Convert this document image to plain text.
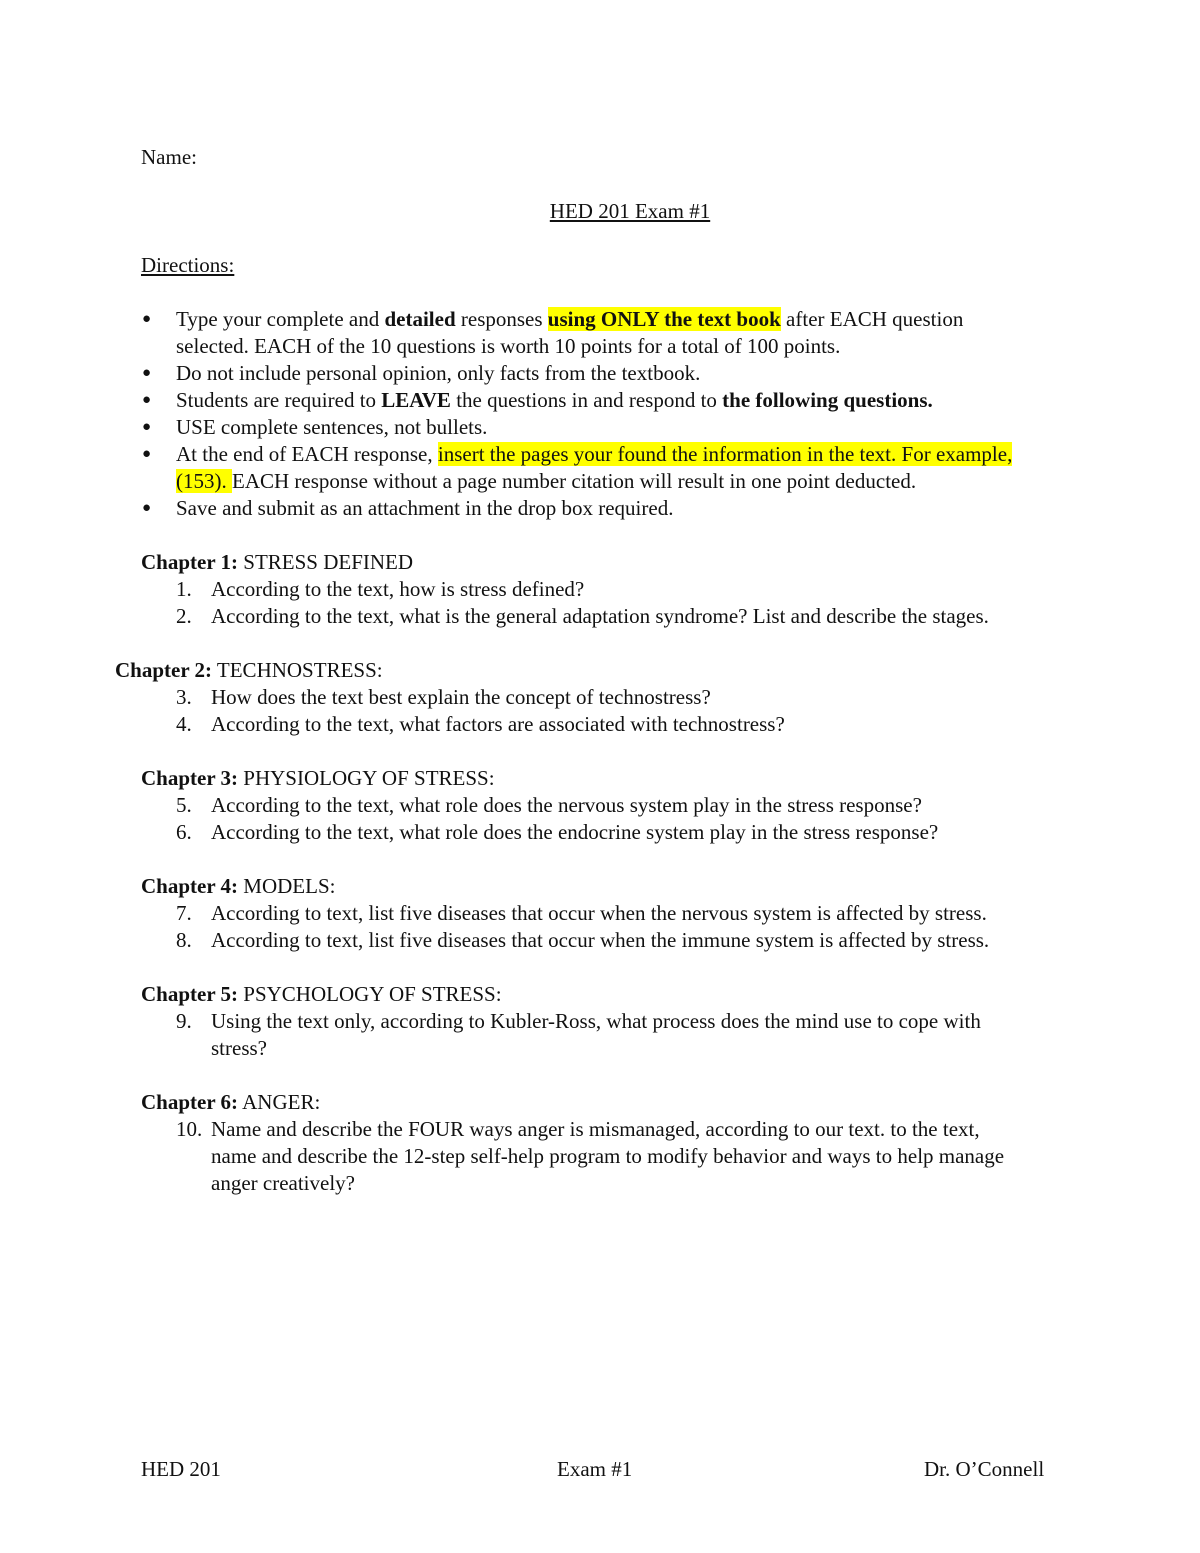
Name:
HED 201 Exam #1
Directions:
● Type your complete and detailed responses using ONLY the text book after EACH question
selected. EACH of the 10 questions is worth 10 points for a total of 100 points.
● Do not include personal opinion, only facts from the textbook.
● Students are required to LEAVE the questions in and respond to the following questions.
● USE complete sentences, not bullets.
● At the end of EACH response, insert the pages your found the information in the text. For example,
(153). EACH response without a page number citation will result in one point deducted.
● Save and submit as an attachment in the drop box required.
Chapter 1: STRESS DEFINED
1. According to the text, how is stress defined?
2. According to the text, what is the general adaptation syndrome? List and describe the stages.
Chapter 2: TECHNOSTRESS:
3. How does the text best explain the concept of technostress?
4. According to the text, what factors are associated with technostress?
Chapter 3: PHYSIOLOGY OF STRESS:
5. According to the text, what role does the nervous system play in the stress response?
6. According to the text, what role does the endocrine system play in the stress response?
Chapter 4: MODELS:
7. According to text, list five diseases that occur when the nervous system is affected by stress.
8. According to text, list five diseases that occur when the immune system is affected by stress.
Chapter 5: PSYCHOLOGY OF STRESS:
9. Using the text only, according to Kubler-Ross, what process does the mind use to cope with
stress?
Chapter 6: ANGER:
10. Name and describe the FOUR ways anger is mismanaged, according to our text. to the text,
name and describe the 12-step self-help program to modify behavior and ways to help manage
anger creatively?
HED 201	Exam #1	Dr. O’Connell
